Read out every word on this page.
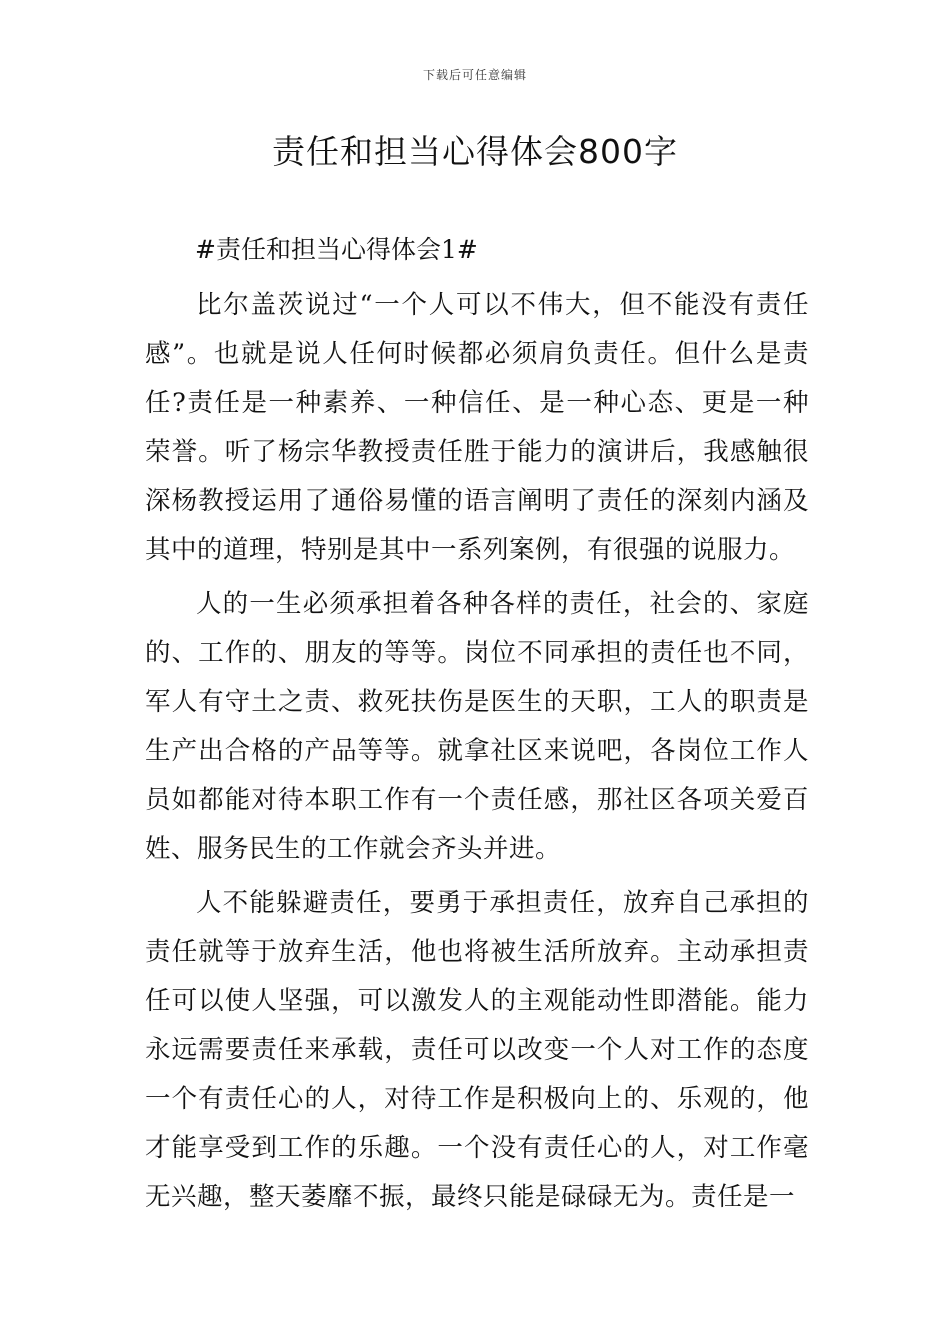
下载后可任意编辑
责任和担当心得体会800字

#责任和担当心得体会1#

比尔盖茨说过“一个人可以不伟大，但不能没有责任感”。也就是说人任何时候都必须肩负责任。但什么是责任?责任是一种素养、一种信任、是一种心态、更是一种荣誉。听了杨宗华教授责任胜于能力的演讲后，我感触很深杨教授运用了通俗易懂的语言阐明了责任的深刻内涵及其中的道理，特别是其中一系列案例，有很强的说服力。

人的一生必须承担着各种各样的责任，社会的、家庭的、工作的、朋友的等等。岗位不同承担的责任也不同，军人有守土之责、救死扶伤是医生的天职，工人的职责是生产出合格的产品等等。就拿社区来说吧，各岗位工作人员如都能对待本职工作有一个责任感，那社区各项关爱百姓、服务民生的工作就会齐头并进。

人不能躲避责任，要勇于承担责任，放弃自己承担的责任就等于放弃生活，他也将被生活所放弃。主动承担责任可以使人坚强，可以激发人的主观能动性即潜能。能力永远需要责任来承载，责任可以改变一个人对工作的态度一个有责任心的人，对待工作是积极向上的、乐观的，他才能享受到工作的乐趣。一个没有责任心的人，对工作毫无兴趣，整天萎靡不振，最终只能是碌碌无为。责任是一
